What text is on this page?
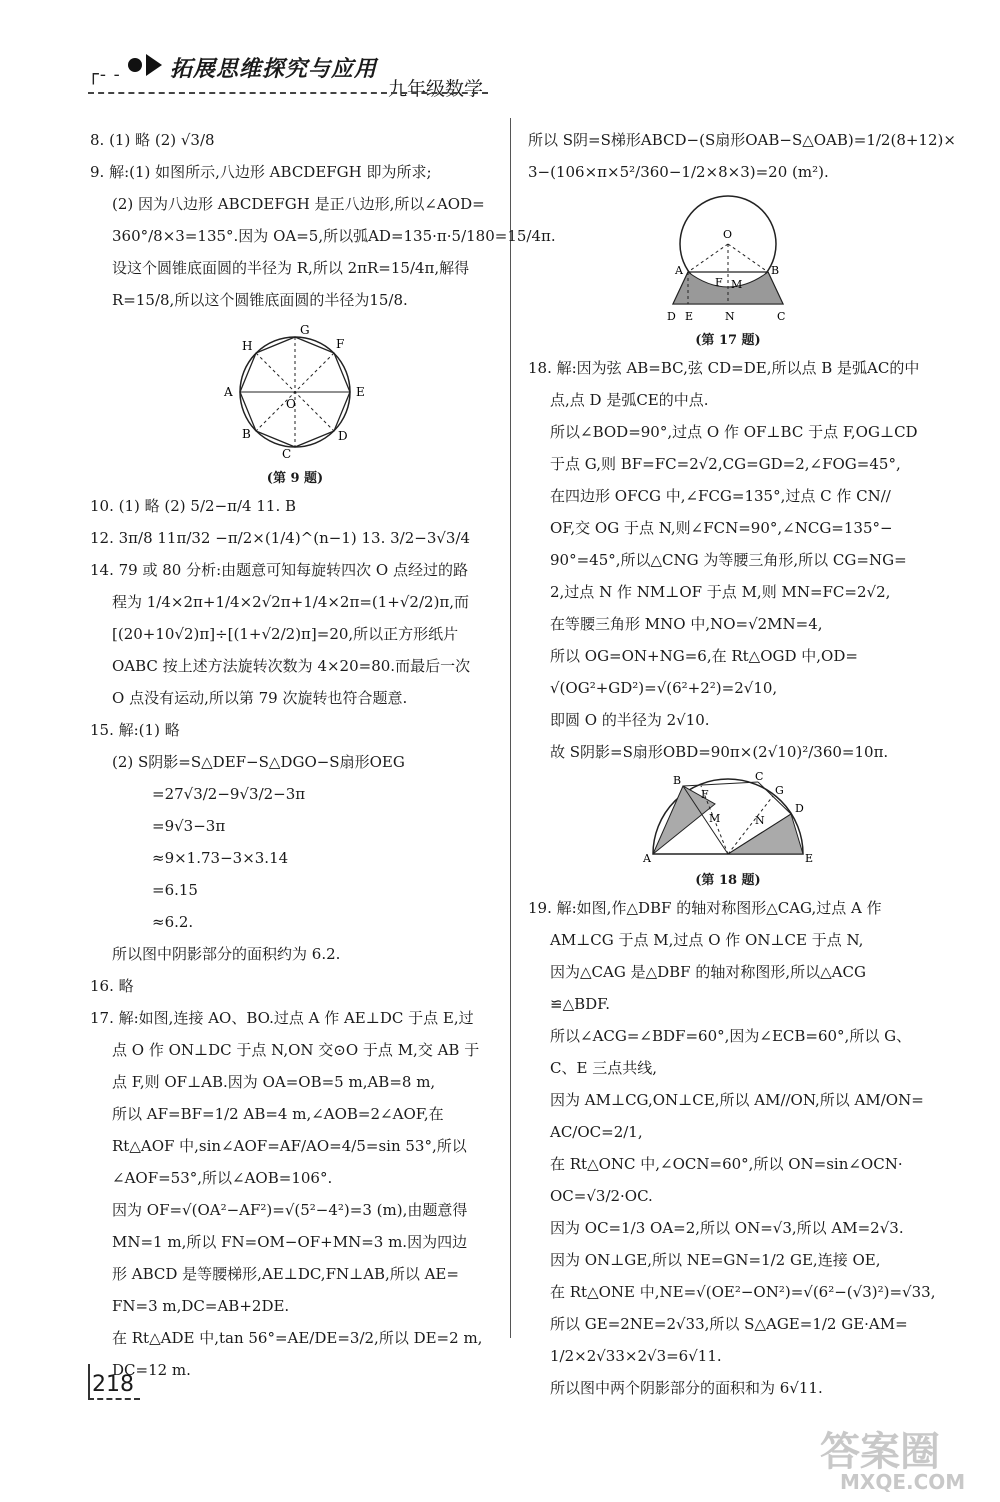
┌- - 拓展思维探究与应用
九年级数学
8. (1) 略 (2) √3/8
9. 解:(1) 如图所示,八边形 ABCDEFGH 即为所求;
(2) 因为八边形 ABCDEFGH 是正八边形,所以∠AOD=
360°/8×3=135°.因为 OA=5,所以弧AD=135·π·5/180=15/4π.
设这个圆锥底面圆的半径为 R,所以 2πR=15/4π,解得
R=15/8,所以这个圆锥底面圆的半径为15/8.
A
B
C
D
E
F
G
H
O
(第 9 题)
10. (1) 略 (2) 5/2−π/4 11. B
12. 3π/8 11π/32 −π/2×(1/4)^(n−1) 13. 3/2−3√3/4
14. 79 或 80 分析:由题意可知每旋转四次 O 点经过的路
程为 1/4×2π+1/4×2√2π+1/4×2π=(1+√2/2)π,而
[(20+10√2)π]÷[(1+√2/2)π]=20,所以正方形纸片
OABC 按上述方法旋转次数为 4×20=80.而最后一次
O 点没有运动,所以第 79 次旋转也符合题意.
15. 解:(1) 略
(2) S阴影=S△DEF−S△DGO−S扇形OEG
=27√3/2−9√3/2−3π
=9√3−3π
≈9×1.73−3×3.14
=6.15
≈6.2.
所以图中阴影部分的面积约为 6.2.
16. 略
17. 解:如图,连接 AO、BO.过点 A 作 AE⊥DC 于点 E,过
点 O 作 ON⊥DC 于点 N,ON 交⊙O 于点 M,交 AB 于
点 F,则 OF⊥AB.因为 OA=OB=5 m,AB=8 m,
所以 AF=BF=1/2 AB=4 m,∠AOB=2∠AOF,在
Rt△AOF 中,sin∠AOF=AF/AO=4/5=sin 53°,所以
∠AOF=53°,所以∠AOB=106°.
因为 OF=√(OA²−AF²)=√(5²−4²)=3 (m),由题意得
MN=1 m,所以 FN=OM−OF+MN=3 m.因为四边
形 ABCD 是等腰梯形,AE⊥DC,FN⊥AB,所以 AE=
FN=3 m,DC=AB+2DE.
在 Rt△ADE 中,tan 56°=AE/DE=3/2,所以 DE=2 m,
DC=12 m.
所以 S阴=S梯形ABCD−(S扇形OAB−S△OAB)=1/2(8+12)×
3−(106×π×5²/360−1/2×8×3)=20 (m²).
O
A	B
F M
D E	N	C
(第 17 题)
18. 解:因为弦 AB=BC,弦 CD=DE,所以点 B 是弧AC的中
点,点 D 是弧CE的中点.
所以∠BOD=90°,过点 O 作 OF⊥BC 于点 F,OG⊥CD
于点 G,则 BF=FC=2√2,CG=GD=2,∠FOG=45°,
在四边形 OFCG 中,∠FCG=135°,过点 C 作 CN//
OF,交 OG 于点 N,则∠FCN=90°,∠NCG=135°−
90°=45°,所以△CNG 为等腰三角形,所以 CG=NG=
2,过点 N 作 NM⊥OF 于点 M,则 MN=FC=2√2,
在等腰三角形 MNO 中,NO=√2MN=4,
所以 OG=ON+NG=6,在 Rt△OGD 中,OD=
√(OG²+GD²)=√(6²+2²)=2√10,
即圆 O 的半径为 2√10.
故 S阴影=S扇形OBD=90π×(2√10)²/360=10π.
A
B	C
D
E
F	G
M	N
(第 18 题)
19. 解:如图,作△DBF 的轴对称图形△CAG,过点 A 作
AM⊥CG 于点 M,过点 O 作 ON⊥CE 于点 N,
因为△CAG 是△DBF 的轴对称图形,所以△ACG
≌△BDF.
所以∠ACG=∠BDF=60°,因为∠ECB=60°,所以 G、
C、E 三点共线,
因为 AM⊥CG,ON⊥CE,所以 AM//ON,所以 AM/ON=
AC/OC=2/1,
在 Rt△ONC 中,∠OCN=60°,所以 ON=sin∠OCN·
OC=√3/2·OC.
因为 OC=1/3 OA=2,所以 ON=√3,所以 AM=2√3.
因为 ON⊥GE,所以 NE=GN=1/2 GE,连接 OE,
在 Rt△ONE 中,NE=√(OE²−ON²)=√(6²−(√3)²)=√33,
所以 GE=2NE=2√33,所以 S△AGE=1/2 GE·AM=
1/2×2√33×2√3=6√11.
所以图中两个阴影部分的面积和为 6√11.
218
答案圈
MXQE.COM
